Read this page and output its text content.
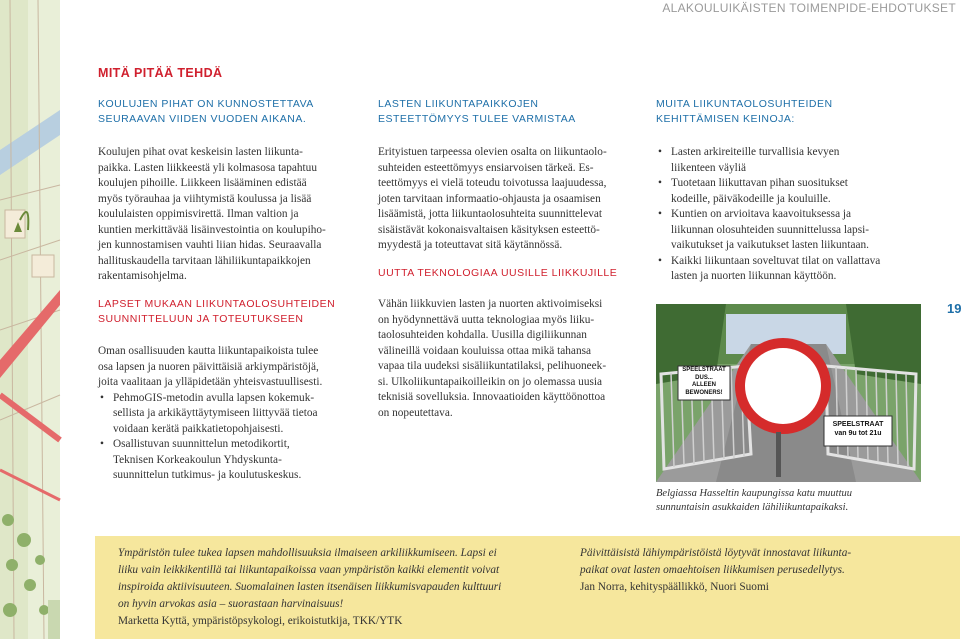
ALAKOULUIKÄISTEN TOIMENPIDE-EHDOTUKSET
MITÄ PITÄÄ TEHDÄ
KOULUJEN PIHAT ON KUNNOSTETTAVA
SEURAAVAN VIIDEN VUODEN AIKANA.
Koulujen pihat ovat keskeisin lasten liikunta-
paikka. Lasten liikkeestä yli kolmasosa tapahtuu
koulujen pihoille. Liikkeen lisääminen edistää
myös työrauhaa ja viihtymistä koulussa ja lisää
koululaisten oppimisvirettä. Ilman valtion ja
kuntien merkittävää lisäinvestointia on koulupiho-
jen kunnostamisen vauhti liian hidas. Seuraavalla
hallituskaudella tarvitaan lähiliikuntapaikkojen
rakentamisohjelma.
LAPSET MUKAAN LIIKUNTAOLOSUHTEIDEN
SUUNNITTELUUN JA TOTEUTUKSEEN
Oman osallisuuden kautta liikuntapaikoista tulee
osa lapsen ja nuoren päivittäisiä arkiympäristöjä,
joita vaalitaan ja ylläpidetään yhteisvastuullisesti.
• PehmoGIS-metodin avulla lapsen kokemuk-
sellista ja arkikäyttäytymiseen liittyvää tietoa
voidaan kerätä paikkatietopohjaisesti.
• Osallistuvan suunnittelun metodikortit,
Teknisen Korkeakoulun Yhdyskunta-
suunnittelun tutkimus- ja koulutuskeskus.
LASTEN LIIKUNTAPAIKKOJEN
ESTEETTÖMYYS TULEE VARMISTAA
Erityistuen tarpeessa olevien osalta on liikuntaolo-
suhteiden esteettömyys ensiarvoisen tärkeä. Es-
teettömyys ei vielä toteudu toivotussa laajuudessa,
joten tarvitaan informaatio-ohjausta ja osaamisen
lisäämistä, jotta liikuntaolosuhteita suunnittelevat
sisäistävät kokonaisvaltaisen käsityksen esteettö-
myydestä ja toteuttavat sitä käytännössä.
UUTTA TEKNOLOGIAA UUSILLE LIIKKUJILLE
Vähän liikkuvien lasten ja nuorten aktivoimiseksi
on hyödynnettävä uutta teknologiaa myös liiku-
taolosuhteiden kohdalla. Uusilla digiliikunnan
välineillä voidaan kouluissa ottaa mikä tahansa
vapaa tila uudeksi sisäliikuntatilaksi, pelihuoneek-
si. Ulkoliikuntapaikoilleikin on jo olemassa uusia
teknisiä sovelluksia. Innovaatioiden käyttöönottoa
on nopeutettava.
MUITA LIIKUNTAOLOSUHTEIDEN
KEHITTÄMISEN KEINOJA:
• Lasten arkireiteille turvallisia kevyen
liikenteen väyliä
• Tuotetaan liikuttavan pihan suositukset
kodeille, päiväkodeille ja kouluille.
• Kuntien on arvioitava kaavoituksessa ja
liikunnan olosuhteiden suunnittelussa lapsi-
vaikutukset ja vaikutukset lasten liikuntaan.
• Kaikki liikuntaan soveltuvat tilat on vallattava
lasten ja nuorten liikunnan käyttöön.
19
SPEELSTRAAT
DUS...
ALLEEN BEWONERS!
SPEELSTRAAT
van 9u tot 21u
Belgiassa Hasseltin kaupungissa katu muuttuu
sunnuntaisin asukkaiden lähiliikuntapaikaksi.
Ympäristön tulee tukea lapsen mahdollisuuksia ilmaiseen arkiliikkumiseen. Lapsi ei
liiku vain leikkikentillä tai liikuntapaikoissa vaan ympäristön kaikki elementit voivat
inspiroida aktiivisuuteen. Suomalainen lasten itsenäisen liikkumisvapauden kulttuuri
on hyvin arvokas asia – suorastaan harvinaisuus!
Marketta Kyttä, ympäristöpsykologi, erikoistutkija, TKK/YTK
Päivittäisistä lähiympäristöistä löytyvät innostavat liikunta-
paikat ovat lasten omaehtoisen liikkumisen perusedellytys.
Jan Norra, kehityspäällikkö, Nuori Suomi
